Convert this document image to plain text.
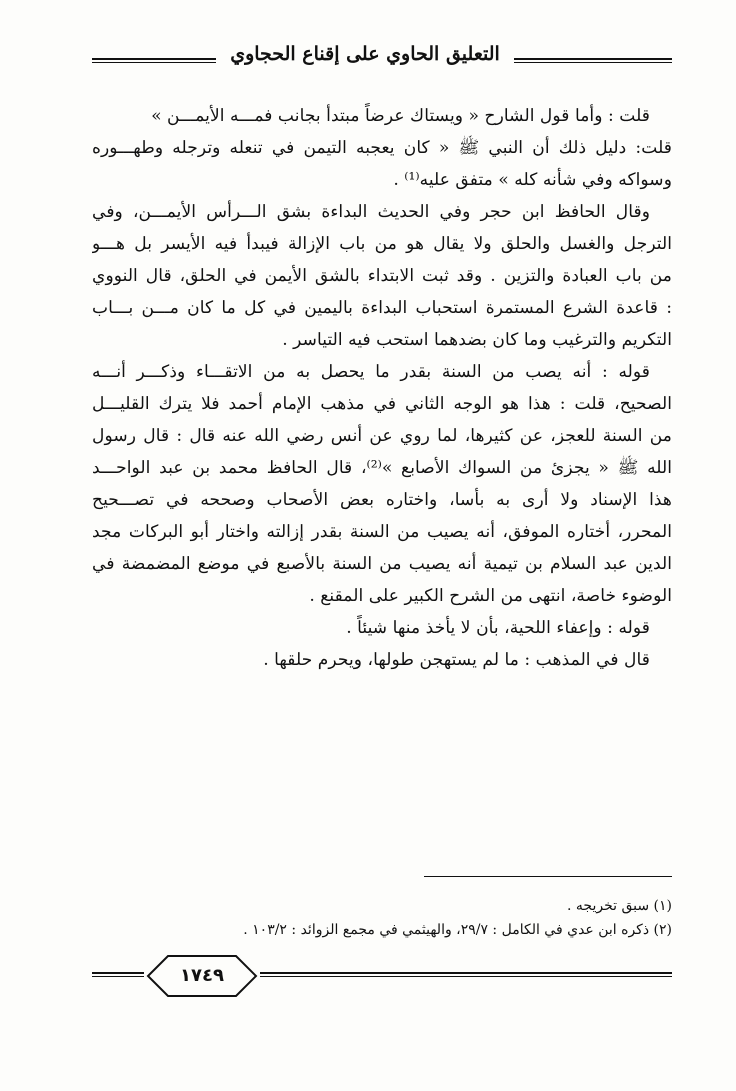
التعليق الحاوي على إقناع الحجاوي
قلت : وأما قول الشارح « ويستاك عرضاً مبتدأ بجانب فمـــه الأيمـــن »
قلت: دليل ذلك أن النبي ﷺ « كان يعجبه التيمن في تنعله وترجله وطهـــوره
وسواكه وفي شأنه كله » متفق عليه⁽¹⁾ .
وقال الحافظ ابن حجر وفي الحديث البداءة بشق الـــرأس الأيمـــن، وفي
الترجل والغسل والحلق ولا يقال هو من باب الإزالة فيبدأ فيه الأيسر بل هـــو
من باب العبادة والتزين . وقد ثبت الابتداء بالشق الأيمن في الحلق، قال النووي
: قاعدة الشرع المستمرة استحباب البداءة باليمين في كل ما كان مـــن بـــاب
التكريم والترغيب وما كان بضدهما استحب فيه التياسر .
قوله : أنه يصب من السنة بقدر ما يحصل به من الاتقـــاء وذكـــر أنـــه
الصحيح، قلت : هذا هو الوجه الثاني في مذهب الإمام أحمد فلا يترك القليـــل
من السنة للعجز، عن كثيرها، لما روي عن أنس رضي الله عنه قال : قال رسول
الله ﷺ « يجزئ من السواك الأصابع »⁽²⁾، قال الحافظ محمد بن عبد الواحـــد
هذا الإسناد ولا أرى به بأسا، واختاره بعض الأصحاب وصححه في تصـــحيح
المحرر، أختاره الموفق، أنه يصيب من السنة بقدر إزالته واختار أبو البركات مجد
الدين عبد السلام بن تيمية أنه يصيب من السنة بالأصبع في موضع المضمضة في
الوضوء خاصة، انتهى من الشرح الكبير على المقنع .
قوله : وإعفاء اللحية، بأن لا يأخذ منها شيئاً .
قال في المذهب : ما لم يستهجن طولها، ويحرم حلقها .
(١) سبق تخريجه .
(٢) ذكره ابن عدي في الكامل : ٢٩/٧، والهيثمي في مجمع الزوائد : ١٠٣/٢ .
١٧٤٩
